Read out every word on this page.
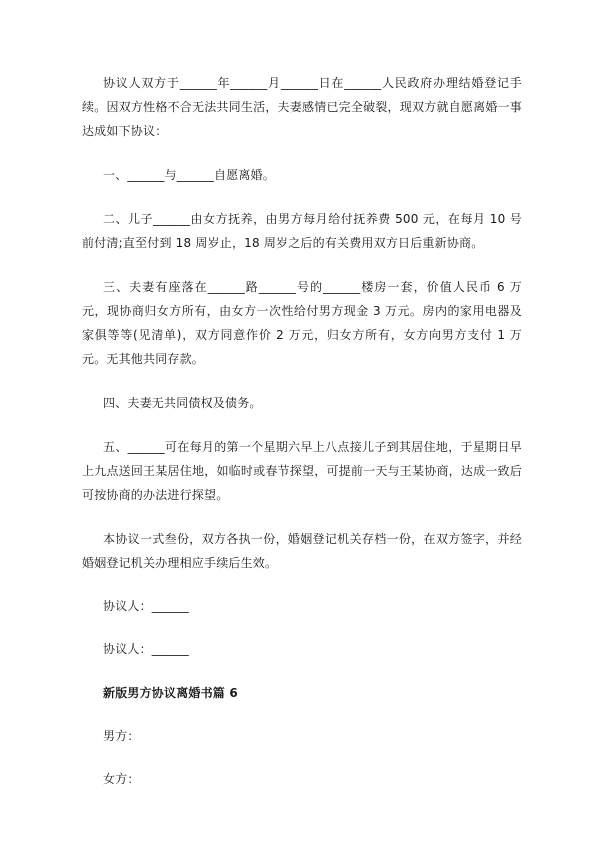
协议人双方于______年______月______日在______人民政府办理结婚登记手续。因双方性格不合无法共同生活，夫妻感情已完全破裂，现双方就自愿离婚一事达成如下协议：

一、______与______自愿离婚。

二、儿子______由女方抚养，由男方每月给付抚养费 500 元，在每月 10 号前付清;直至付到 18 周岁止，18 周岁之后的有关费用双方日后重新协商。

三、夫妻有座落在______路______号的______楼房一套，价值人民币 6 万元，现协商归女方所有，由女方一次性给付男方现金 3 万元。房内的家用电器及家俱等等(见清单)，双方同意作价 2 万元，归女方所有，女方向男方支付 1 万元。无其他共同存款。

四、夫妻无共同债权及债务。

五、______可在每月的第一个星期六早上八点接儿子到其居住地，于星期日早上九点送回王某居住地，如临时或春节探望，可提前一天与王某协商，达成一致后可按协商的办法进行探望。

本协议一式叁份，双方各执一份，婚姻登记机关存档一份，在双方签字，并经婚姻登记机关办理相应手续后生效。

协议人：______

协议人：______

新版男方协议离婚书篇 6

男方：

女方：
